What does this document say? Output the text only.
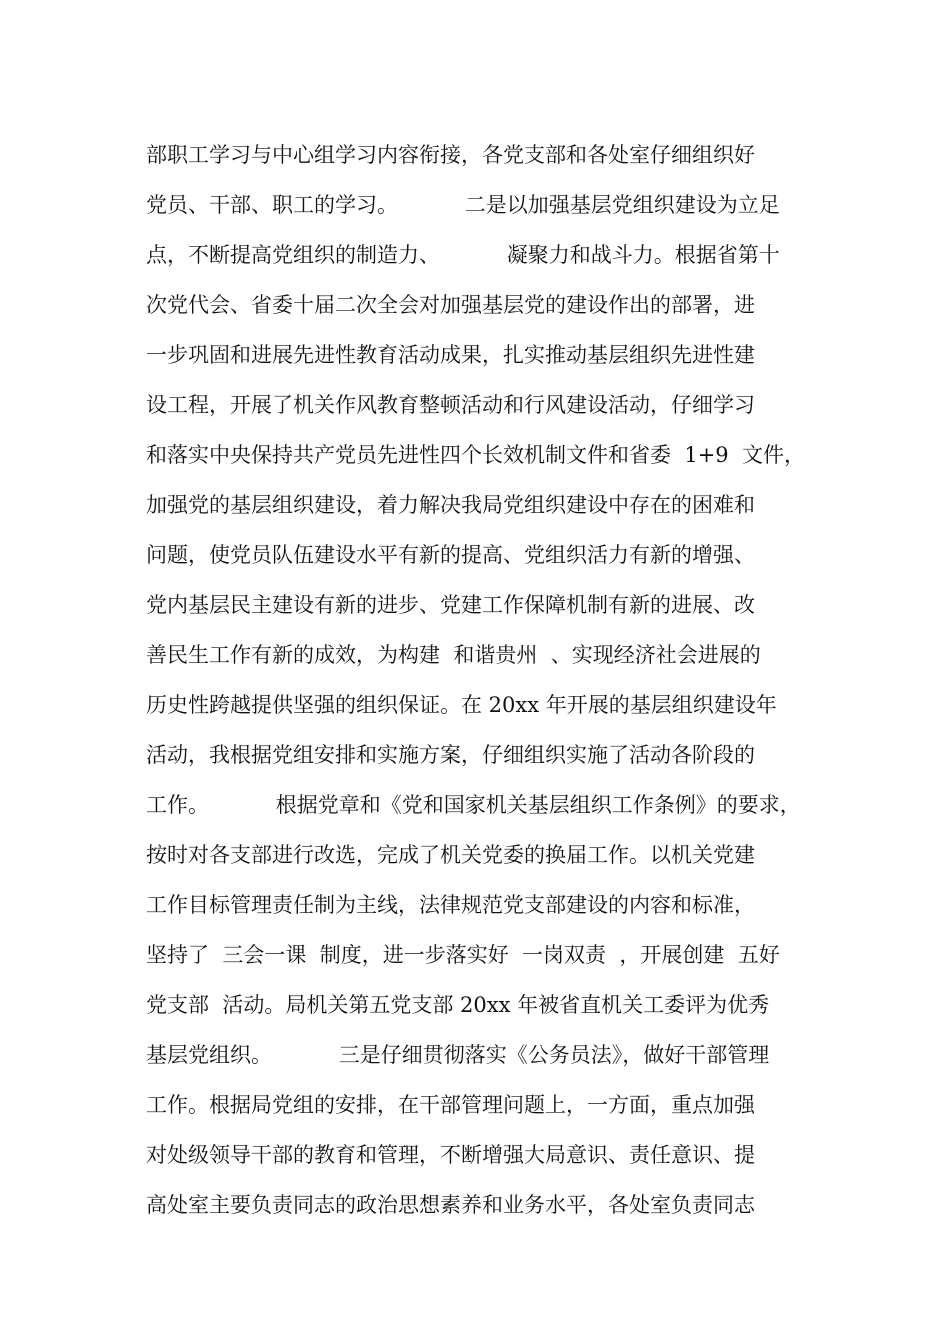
部职工学习与中心组学习内容衔接，各党支部和各处室仔细组织好
党员、干部、职工的学习。          二是以加强基层党组织建设为立足
点，不断提高党组织的制造力、          凝聚力和战斗力。根据省第十
次党代会、省委十届二次全会对加强基层党的建设作出的部署，进
一步巩固和进展先进性教育活动成果，扎实推动基层组织先进性建
设工程，开展了机关作风教育整顿活动和行风建设活动，仔细学习
和落实中央保持共产党员先进性四个长效机制文件和省委  1+9  文件，
加强党的基层组织建设，着力解决我局党组织建设中存在的困难和
问题，使党员队伍建设水平有新的提高、党组织活力有新的增强、
党内基层民主建设有新的进步、党建工作保障机制有新的进展、改
善民生工作有新的成效，为构建  和谐贵州  、实现经济社会进展的
历史性跨越提供坚强的组织保证。在 20xx 年开展的基层组织建设年
活动，我根据党组安排和实施方案，仔细组织实施了活动各阶段的
工作。          根据党章和《党和国家机关基层组织工作条例》的要求，
按时对各支部进行改选，完成了机关党委的换届工作。以机关党建
工作目标管理责任制为主线，法律规范党支部建设的内容和标准，
坚持了  三会一课  制度，进一步落实好  一岗双责  ，开展创建  五好
党支部  活动。局机关第五党支部 20xx 年被省直机关工委评为优秀
基层党组织。          三是仔细贯彻落实《公务员法》，做好干部管理
工作。根据局党组的安排，在干部管理问题上，一方面，重点加强
对处级领导干部的教育和管理，不断增强大局意识、责任意识、提
高处室主要负责同志的政治思想素养和业务水平，各处室负责同志
